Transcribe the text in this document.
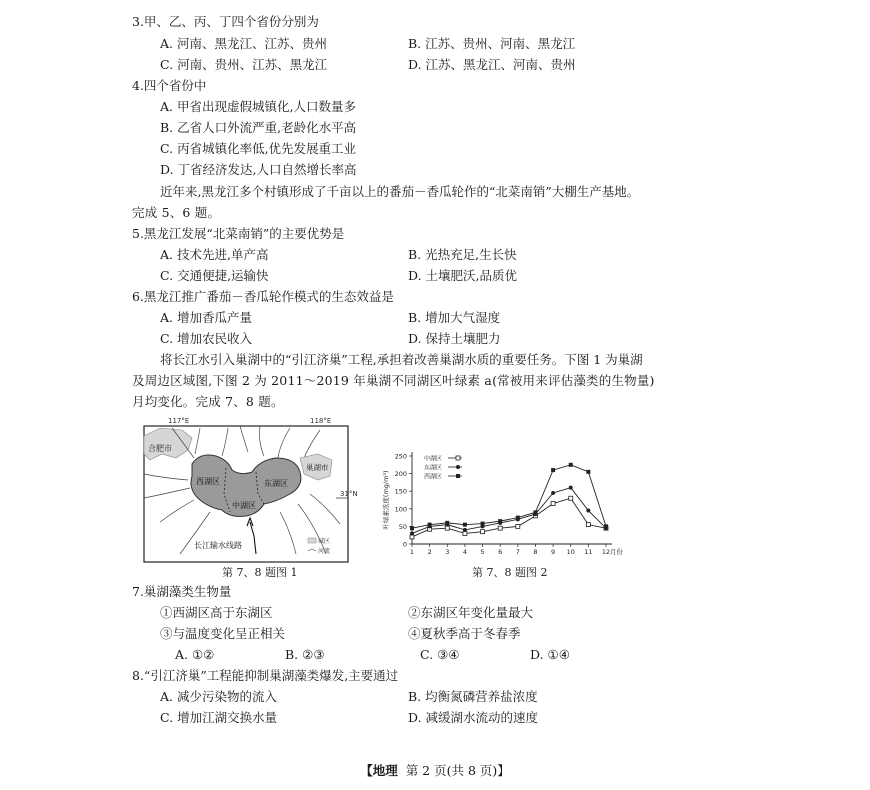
3.甲、乙、丙、丁四个省份分别为
A. 河南、黑龙江、江苏、贵州	B. 江苏、贵州、河南、黑龙江
C. 河南、贵州、江苏、黑龙江	D. 江苏、黑龙江、河南、贵州
4.四个省份中
A. 甲省出现虚假城镇化,人口数量多
B. 乙省人口外流严重,老龄化水平高
C. 丙省城镇化率低,优先发展重工业
D. 丁省经济发达,人口自然增长率高
近年来,黑龙江多个村镇形成了千亩以上的番茄－香瓜轮作的“北菜南销”大棚生产基地。
完成 5、6 题。
5.黑龙江发展“北菜南销”的主要优势是
A. 技术先进,单产高	B. 光热充足,生长快
C. 交通便捷,运输快	D. 土壤肥沃,品质优
6.黑龙江推广番茄－香瓜轮作模式的生态效益是
A. 增加香瓜产量	B. 增加大气湿度
C. 增加农民收入	D. 保持土壤肥力
将长江水引入巢湖中的“引江济巢”工程,承担着改善巢湖水质的重要任务。下图 1 为巢湖
及周边区域图,下图 2 为 2011～2019 年巢湖不同湖区叶绿素 a(常被用来评估藻类的生物量)
月均变化。完成 7、8 题。
117°E	118°E
合肥市
巢湖市
西湖区
中湖区
东湖区
31°N
长江输水线路	城区
河流
第 7、8 题图 1
0
50
100
150
200
250
1 2 3 4 5 6 7 8 9 10 11 12 月份
叶绿素浓度(mg/m³)
中湖区
东湖区
西湖区
第 7、8 题图 2
7.巢湖藻类生物量
①西湖区高于东湖区	②东湖区年变化量最大
③与温度变化呈正相关	④夏秋季高于冬春季
A. ①②	B. ②③	C. ③④	D. ①④
8.“引江济巢”工程能抑制巢湖藻类爆发,主要通过
A. 减少污染物的流入	B. 均衡氮磷营养盐浓度
C. 增加江湖交换水量	D. 减缓湖水流动的速度
【地理 第 2 页(共 8 页)】
